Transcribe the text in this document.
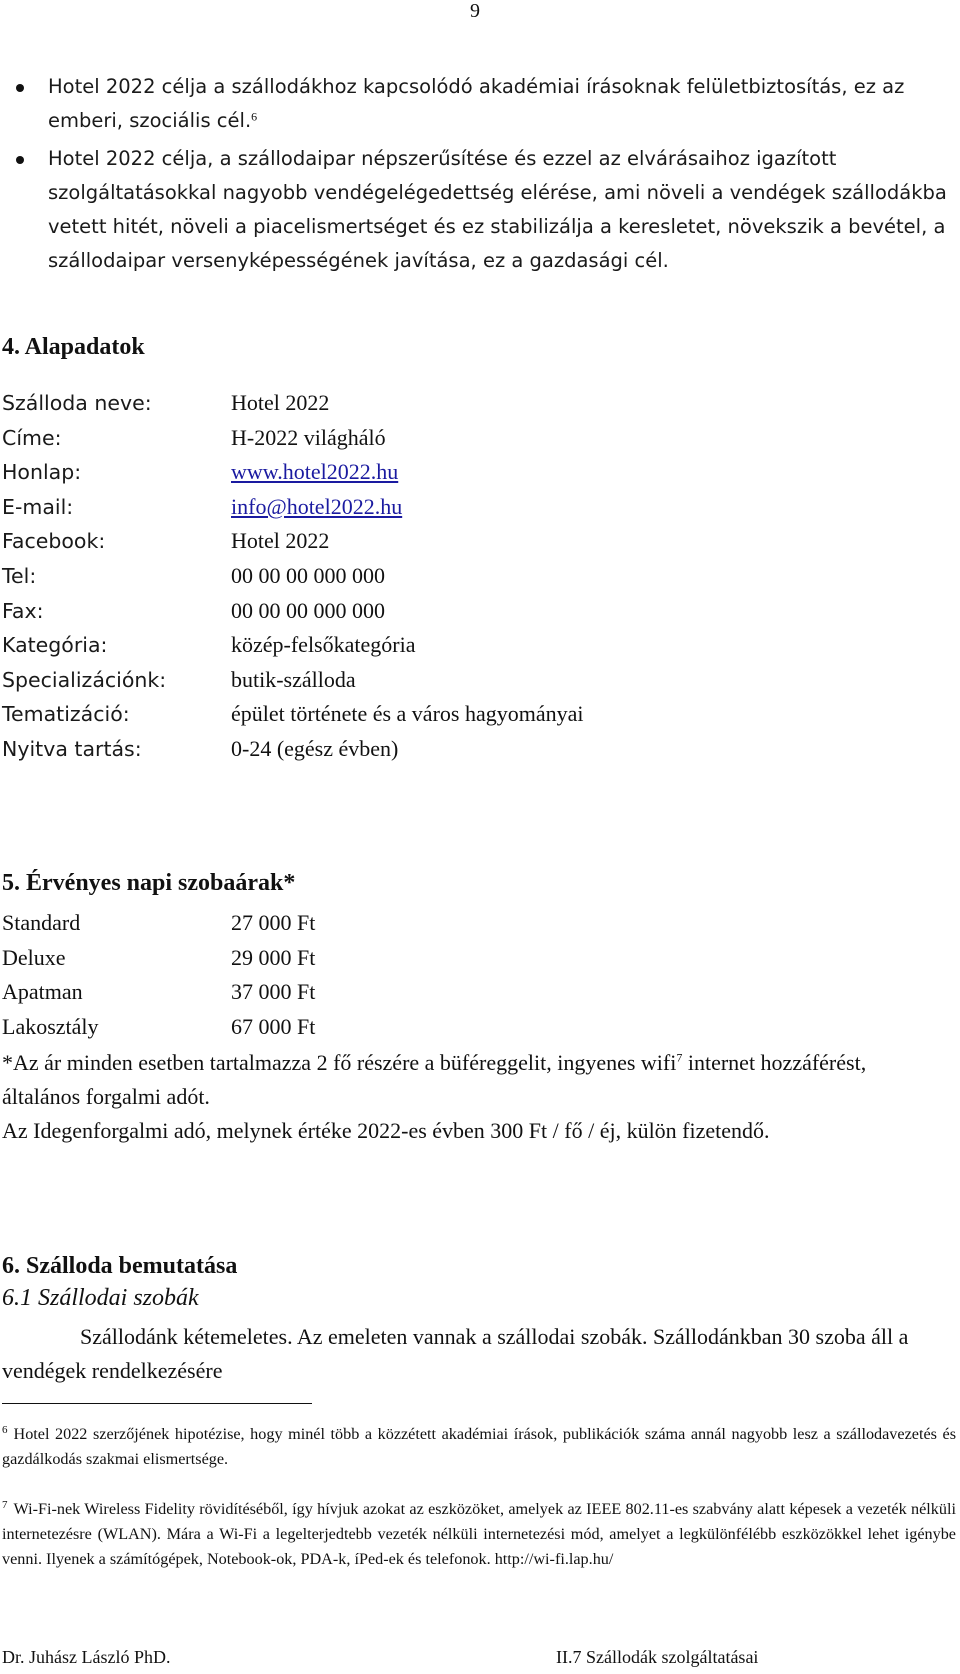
9
Hotel 2022 célja a szállodákhoz kapcsolódó akadémiai írásoknak felületbiztosítás, ez az emberi, szociális cél.$^6$
Hotel 2022 célja, a szállodaipar népszerűsítése és ezzel az elvárásaihoz igazított szolgáltatásokkal nagyobb vendégelégedettség elérése, ami növeli a vendégek szállodákba vetett hitét, növeli a piacelismertséget és ez stabilizálja a keresletet, növekszik a bevétel, a szállodaipar versenyképességének javítása, ez a gazdasági cél.
4. Alapadatok
Szálloda neve:	Hotel 2022
Címe:	H-2022 világháló
Honlap:	www.hotel2022.hu
E-mail:	info@hotel2022.hu
Facebook:	Hotel 2022
Tel:	00 00 00 000 000
Fax:	00 00 00 000 000
Kategória:	közép-felsőkategória
Specializációnk:	butik-szálloda
Tematizáció:	épület története és a város hagyományai
Nyitva tartás:	0-24 (egész évben)
5. Érvényes napi szobaárak*
Standard	27 000 Ft
Deluxe	29 000 Ft
Apatman	37 000 Ft
Lakosztály	67 000 Ft
*Az ár minden esetben tartalmazza 2 fő részére a büféreggelit, ingyenes wifi$^7$ internet hozzáférést, általános forgalmi adót.
Az Idegenforgalmi adó, melynek értéke 2022-es évben 300 Ft / fő / éj, külön fizetendő.
6. Szálloda bemutatása
6.1 Szállodai szobák
Szállodánk kétemeletes. Az emeleten vannak a szállodai szobák. Szállodánkban 30 szoba áll a vendégek rendelkezésére
$^6$ Hotel 2022 szerzőjének hipotézise, hogy minél több a közzétett akadémiai írások, publikációk száma annál nagyobb lesz a szállodavezetés és gazdálkodás szakmai elismertsége.
$^7$ Wi-Fi-nek Wireless Fidelity rövidítéséből, így hívjuk azokat az eszközöket, amelyek az IEEE 802.11-es szabvány alatt képesek a vezeték nélküli internetezésre (WLAN). Mára a Wi-Fi a legelterjedtebb vezeték nélküli internetezési mód, amelyet a legkülönfélébb eszközökkel lehet igénybe venni. Ilyenek a számítógépek, Notebook-ok, PDA-k, íPed-ek és telefonok. http://wi-fi.lap.hu/
Dr. Juhász László PhD.	II.7 Szállodák szolgáltatásai
